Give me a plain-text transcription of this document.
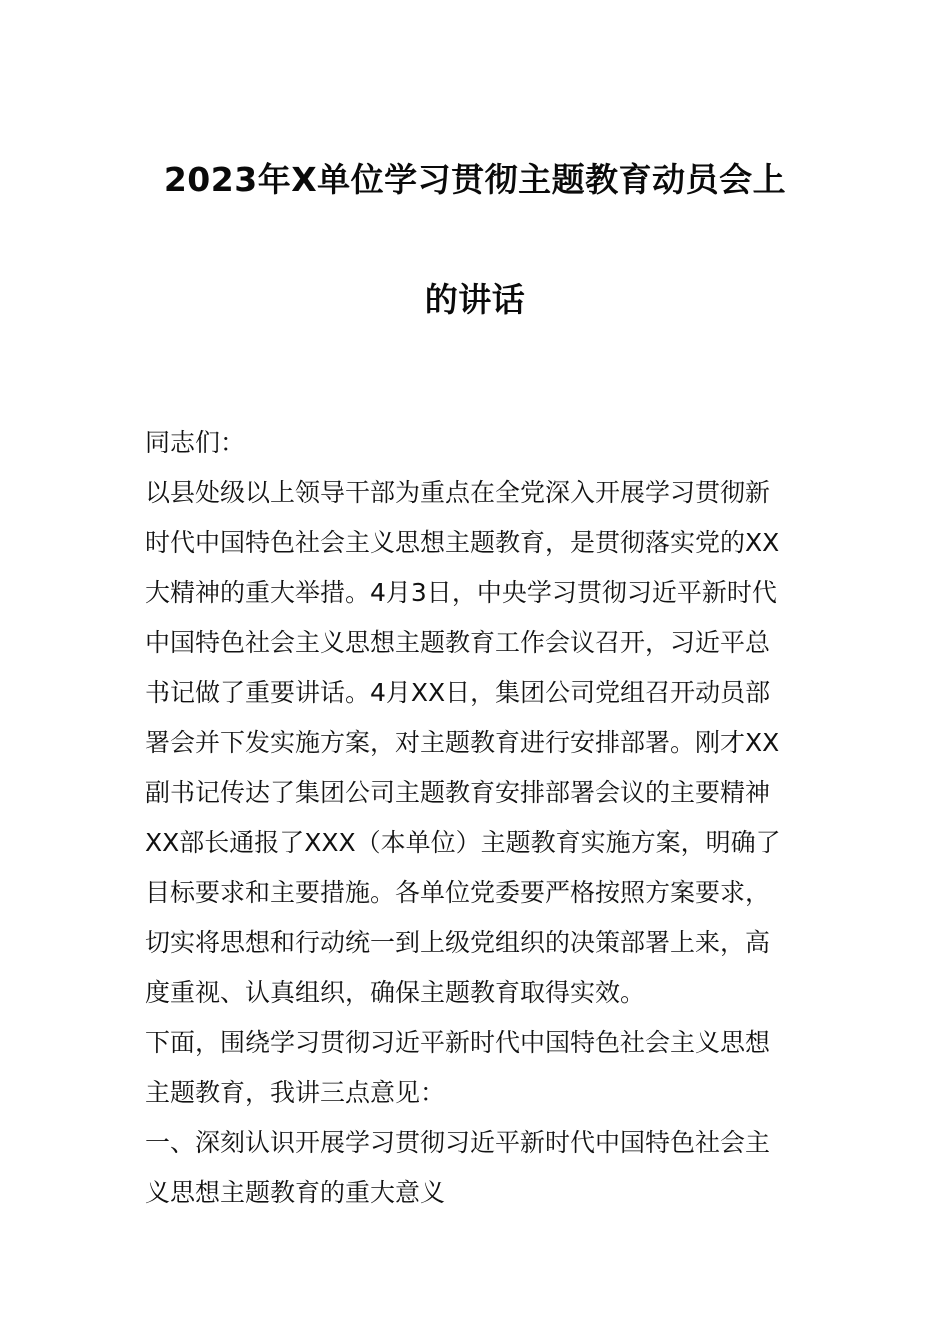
2023年X单位学习贯彻主题教育动员会上
的讲话
同志们：
以县处级以上领导干部为重点在全党深入开展学习贯彻新
时代中国特色社会主义思想主题教育，是贯彻落实党的XX
大精神的重大举措。4月3日，中央学习贯彻习近平新时代
中国特色社会主义思想主题教育工作会议召开，习近平总
书记做了重要讲话。4月XX日，集团公司党组召开动员部
署会并下发实施方案，对主题教育进行安排部署。刚才XX
副书记传达了集团公司主题教育安排部署会议的主要精神
XX部长通报了XXX（本单位）主题教育实施方案，明确了
目标要求和主要措施。各单位党委要严格按照方案要求，
切实将思想和行动统一到上级党组织的决策部署上来，高
度重视、认真组织，确保主题教育取得实效。
下面，围绕学习贯彻习近平新时代中国特色社会主义思想
主题教育，我讲三点意见：
一、深刻认识开展学习贯彻习近平新时代中国特色社会主
义思想主题教育的重大意义
